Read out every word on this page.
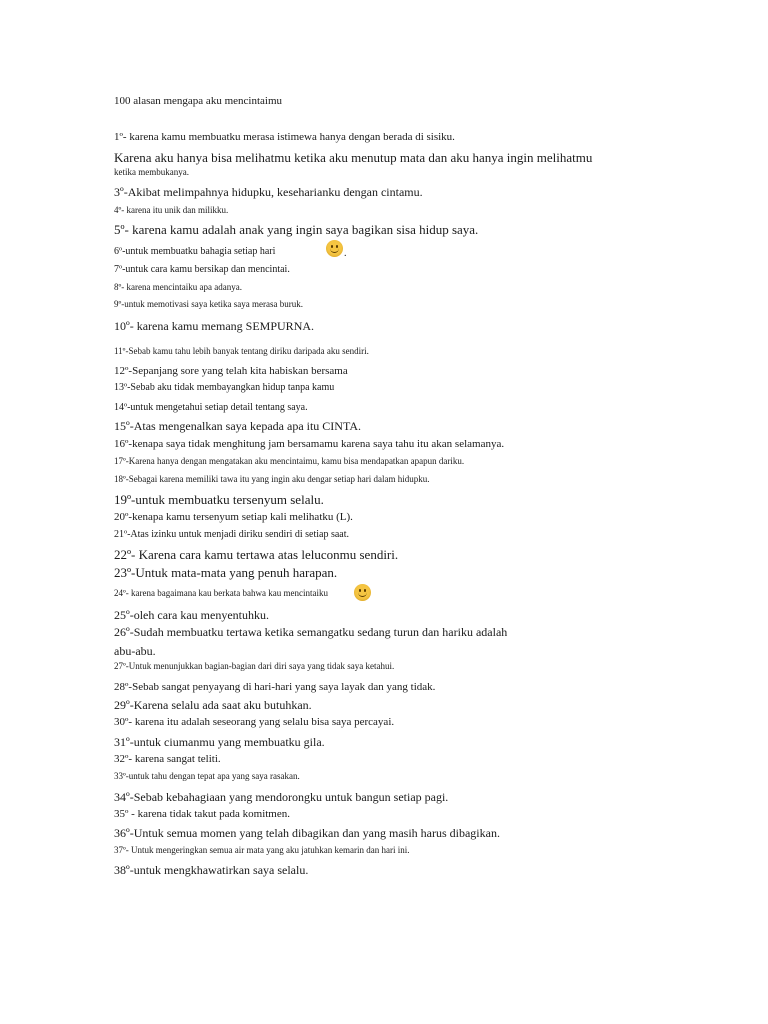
100 alasan mengapa aku mencintaimu
1º- karena kamu membuatku merasa istimewa hanya dengan berada di sisiku.
Karena aku hanya bisa melihatmu ketika aku menutup mata dan aku hanya ingin melihatmu
ketika membukanya.
3º-Akibat melimpahnya hidupku, keseharianku dengan cintamu.
4º- karena itu unik dan milikku.
5º- karena kamu adalah anak yang ingin saya bagikan sisa hidup saya.
6º-untuk membuatku bahagia setiap hari	.
7º-untuk cara kamu bersikap dan mencintai.
8º- karena mencintaiku apa adanya.
9º-untuk memotivasi saya ketika saya merasa buruk.
10º- karena kamu memang SEMPURNA.
11º-Sebab kamu tahu lebih banyak tentang diriku daripada aku sendiri.
12º-Sepanjang sore yang telah kita habiskan bersama
13º-Sebab aku tidak membayangkan hidup tanpa kamu
14º-untuk mengetahui setiap detail tentang saya.
15º-Atas mengenalkan saya kepada apa itu CINTA.
16º-kenapa saya tidak menghitung jam bersamamu karena saya tahu itu akan selamanya.
17º-Karena hanya dengan mengatakan aku mencintaimu, kamu bisa mendapatkan apapun dariku.
18º-Sebagai karena memiliki tawa itu yang ingin aku dengar setiap hari dalam hidupku.
19º-untuk membuatku tersenyum selalu.
20º-kenapa kamu tersenyum setiap kali melihatku (L).
21º-Atas izinku untuk menjadi diriku sendiri di setiap saat.
22º- Karena cara kamu tertawa atas leluconmu sendiri.
23º-Untuk mata-mata yang penuh harapan.
24º- karena bagaimana kau berkata bahwa kau mencintaiku
25º-oleh cara kau menyentuhku.
26º-Sudah membuatku tertawa ketika semangatku sedang turun dan hariku adalah
abu-abu.
27º-Untuk menunjukkan bagian-bagian dari diri saya yang tidak saya ketahui.
28º-Sebab sangat penyayang di hari-hari yang saya layak dan yang tidak.
29º-Karena selalu ada saat aku butuhkan.
30º- karena itu adalah seseorang yang selalu bisa saya percayai.
31º-untuk ciumanmu yang membuatku gila.
32º- karena sangat teliti.
33º-untuk tahu dengan tepat apa yang saya rasakan.
34º-Sebab kebahagiaan yang mendorongku untuk bangun setiap pagi.
35º - karena tidak takut pada komitmen.
36º-Untuk semua momen yang telah dibagikan dan yang masih harus dibagikan.
37º- Untuk mengeringkan semua air mata yang aku jatuhkan kemarin dan hari ini.
38º-untuk mengkhawatirkan saya selalu.
